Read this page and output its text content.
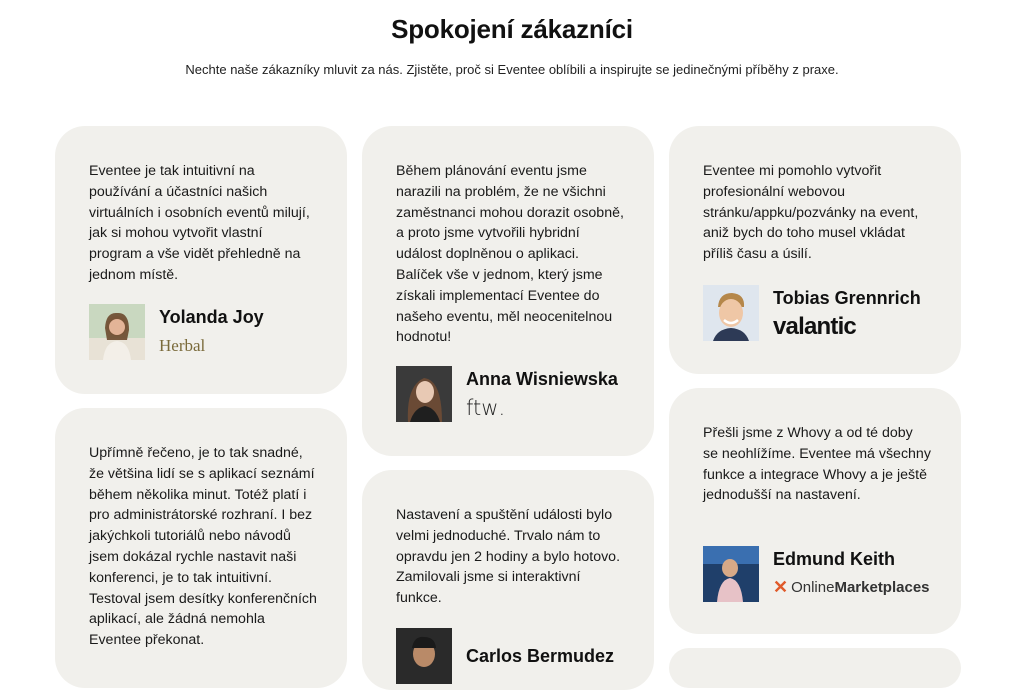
Spokojení zákazníci

Nechte naše zákazníky mluvit za nás. Zjistěte, proč si Eventee oblíbili a inspirujte se jedinečnými příběhy z praxe.

Eventee je tak intuitivní na používání a účastníci našich virtuálních i osobních eventů milují, jak si mohou vytvořit vlastní program a vše vidět přehledně na jednom místě.

Yolanda Joy
Herbal

Během plánování eventu jsme narazili na problém, že ne všichni zaměstnanci mohou dorazit osobně, a proto jsme vytvořili hybridní událost doplněnou o aplikaci. Balíček vše v jednom, který jsme získali implementací Eventee do našeho eventu, měl neocenitelnou hodnotu!

Anna Wisniewska
ftw .

Eventee mi pomohlo vytvořit profesionální webovou stránku/appku/pozvánky na event, aniž bych do toho musel vkládat příliš času a úsilí.

Tobias Grennrich
valantic

Upřímně řečeno, je to tak snadné, že většina lidí se s aplikací seznámí během několika minut. Totéž platí i pro administrátorské rozhraní. I bez jakýchkoli tutoriálů nebo návodů jsem dokázal rychle nastavit naši konferenci, je to tak intuitivní. Testoval jsem desítky konferenčních aplikací, ale žádná nemohla Eventee překonat.

Nastavení a spuštění události bylo velmi jednoduché. Trvalo nám to opravdu jen 2 hodiny a bylo hotovo. Zamilovali jsme si interaktivní funkce.

Carlos Bermudez

Přešli jsme z Whovy a od té doby se neohlížíme. Eventee má všechny funkce a integrace Whovy a je ještě jednodušší na nastavení.

Edmund Keith
✕ Online Marketplaces
